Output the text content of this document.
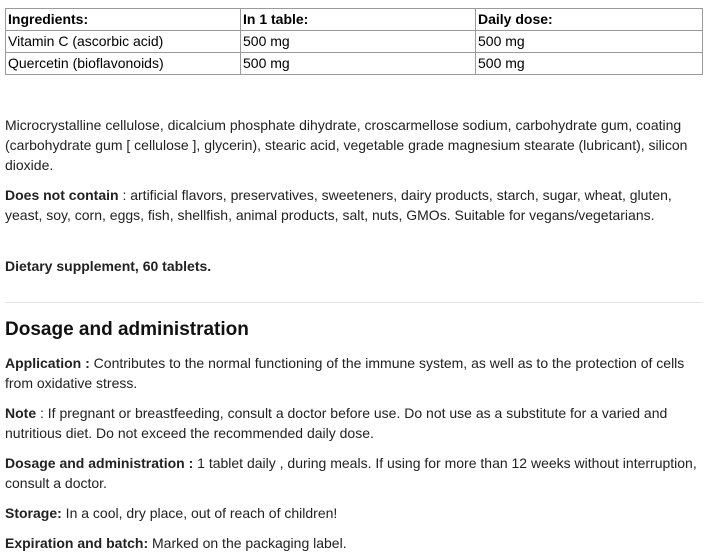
Ingredients:	In 1 table:	Daily dose:
Vitamin C (ascorbic acid)	500 mg	500 mg
Quercetin (bioflavonoids)	500 mg	500 mg

Microcrystalline cellulose, dicalcium phosphate dihydrate, croscarmellose sodium, carbohydrate gum, coating (carbohydrate gum [ cellulose ], glycerin), stearic acid, vegetable grade magnesium stearate (lubricant), silicon dioxide.

Does not contain : artificial flavors, preservatives, sweeteners, dairy products, starch, sugar, wheat, gluten, yeast, soy, corn, eggs, fish, shellfish, animal products, salt, nuts, GMOs. Suitable for vegans/vegetarians.

Dietary supplement, 60 tablets.

Dosage and administration

Application : Contributes to the normal functioning of the immune system, as well as to the protection of cells from oxidative stress.

Note : If pregnant or breastfeeding, consult a doctor before use. Do not use as a substitute for a varied and nutritious diet. Do not exceed the recommended daily dose.

Dosage and administration : 1 tablet daily , during meals. If using for more than 12 weeks without interruption, consult a doctor.

Storage: In a cool, dry place, out of reach of children!

Expiration and batch: Marked on the packaging label.
